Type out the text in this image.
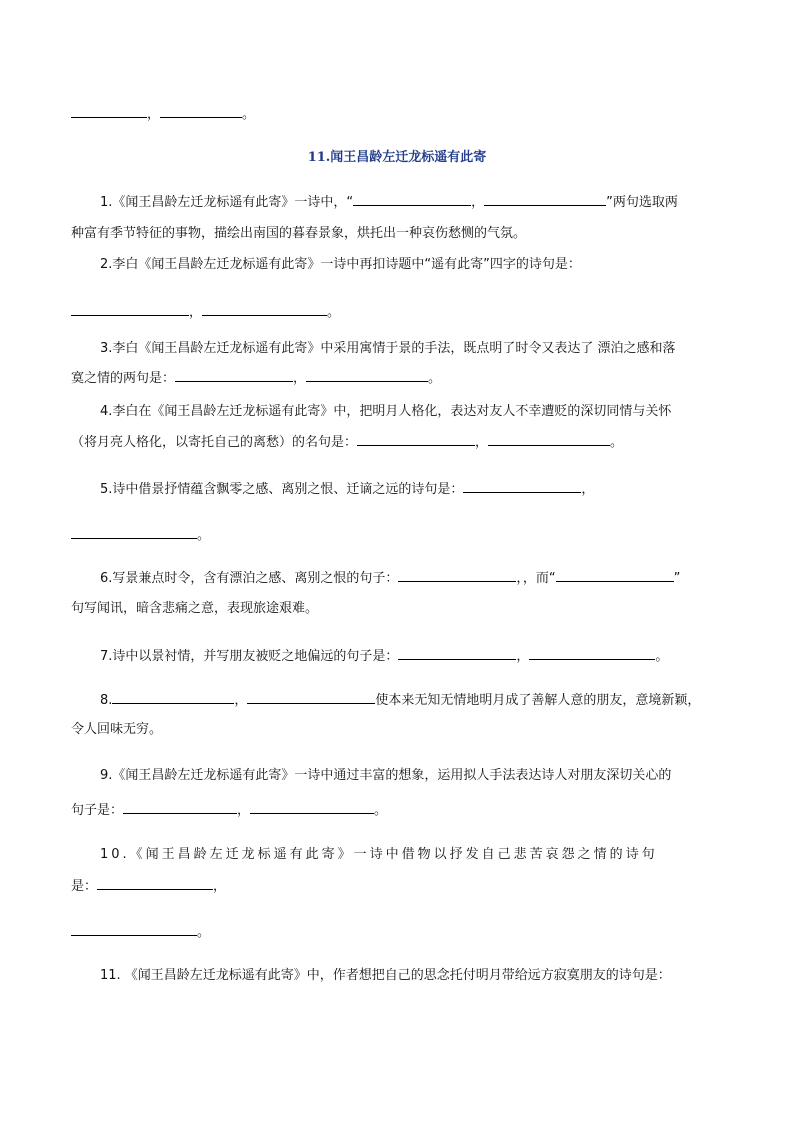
，	。
11.闻王昌龄左迁龙标遥有此寄
1.《闻王昌龄左迁龙标遥有此寄》一诗中，“	，	”两句选取两
种富有季节特征的事物，描绘出南国的暮春景象，烘托出一种哀伤愁恻的气氛。
2.李白《闻王昌龄左迁龙标遥有此寄》一诗中再扣诗题中“遥有此寄”四字的诗句是：
，	。
3.李白《闻王昌龄左迁龙标遥有此寄》中采用寓情于景的手法，既点明了时令又表达了 漂泊之感和落
寞之情的两句是：	，	。
4.李白在《闻王昌龄左迁龙标遥有此寄》中，把明月人格化，表达对友人不幸遭贬的深切同情与关怀
（将月亮人格化，以寄托自己的离愁）的名句是：	，	。
5.诗中借景抒情蕴含飘零之感、离别之恨、迁谪之远的诗句是：	，
。
6.写景兼点时令，含有漂泊之感、离别之恨的句子：	，，而“	”
句写闻讯，暗含悲痛之意，表现旅途艰难。
7.诗中以景衬情，并写朋友被贬之地偏远的句子是：	，	。
8.	，	使本来无知无情地明月成了善解人意的朋友，意境新颖，
令人回味无穷。
9.《闻王昌龄左迁龙标遥有此寄》一诗中通过丰富的想象，运用拟人手法表达诗人对朋友深切关心的
句子是：	，	。
10.《闻王昌龄左迁龙标遥有此寄》一诗中借物以抒发自己悲苦哀怨之情的诗句
是：	，
。
11. 《闻王昌龄左迁龙标遥有此寄》中，作者想把自己的思念托付明月带给远方寂寞朋友的诗句是：
